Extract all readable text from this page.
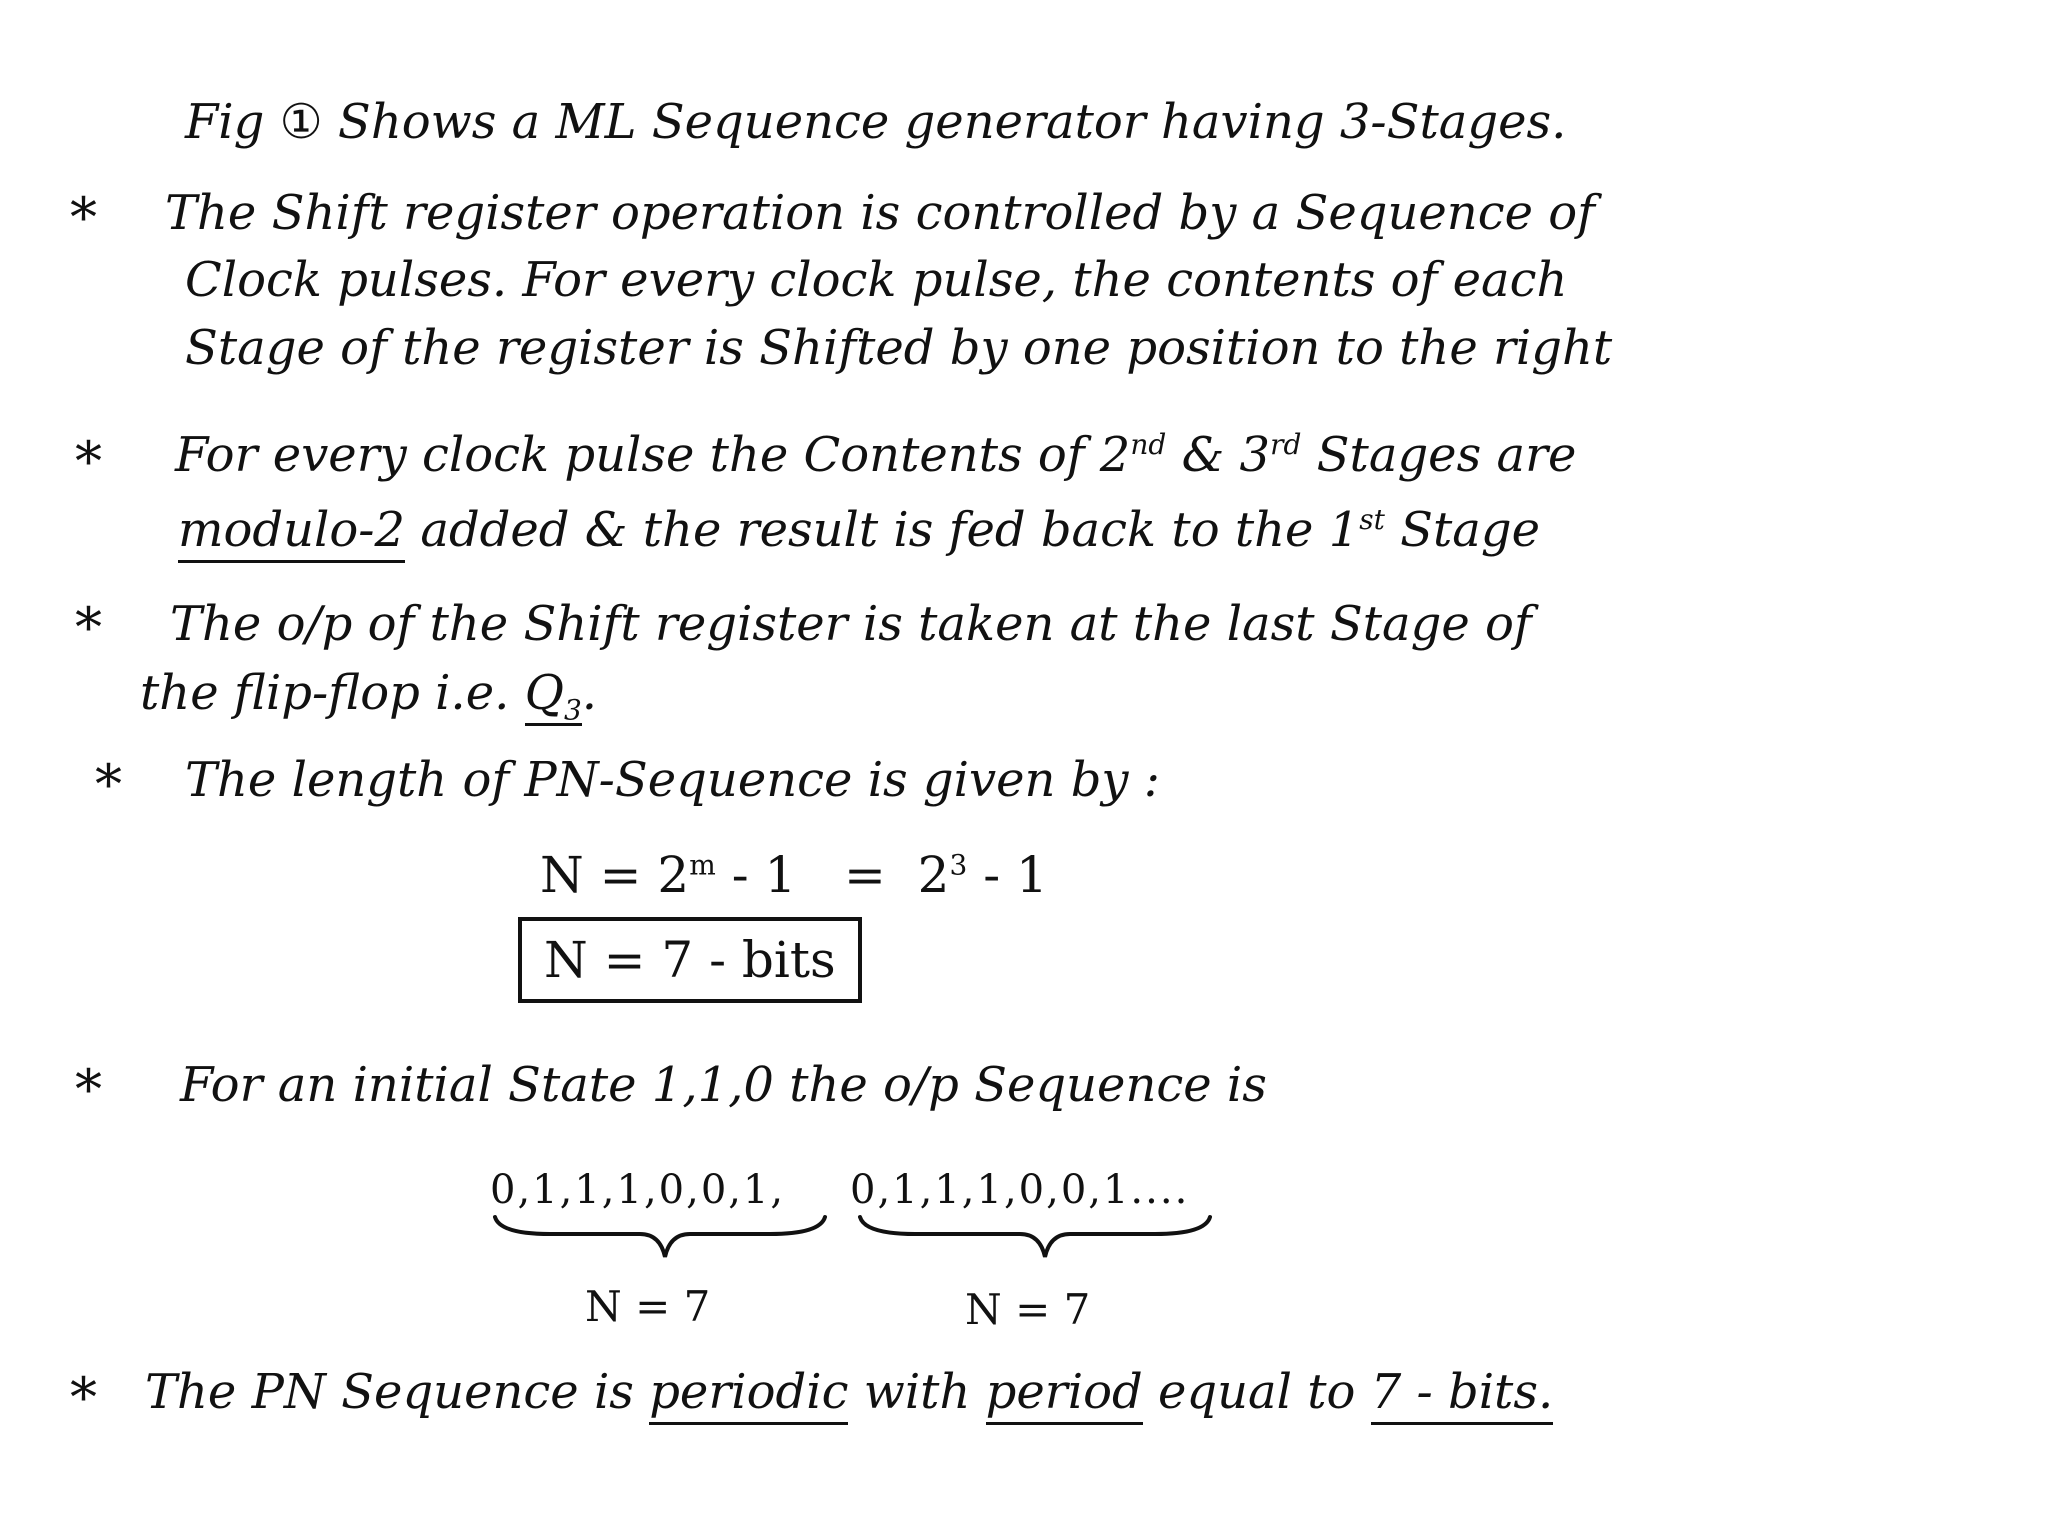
Fig ① Shows a ML Sequence generator having 3-Stages.
* The Shift register operation is controlled by a Sequence of
Clock pulses. For every clock pulse, the contents of each
Stage of the register is Shifted by one position to the right
* For every clock pulse the Contents of 2nd & 3rd Stages are
modulo-2 added & the result is fed back to the 1st Stage
* The o/p of the Shift register is taken at the last Stage of
the flip-flop i.e. $Q_3$.
* The length of PN-Sequence is given by :
$N = 2^m - 1 = 2^3 - 1$
N = 7 - bits
* For an initial State 1,1,0 the o/p Sequence is
0,1,1,1,0,0,1, 0,1,1,1,0,0,1....
N = 7	N = 7
* The PN Sequence is periodic with period equal to 7 - bits.
